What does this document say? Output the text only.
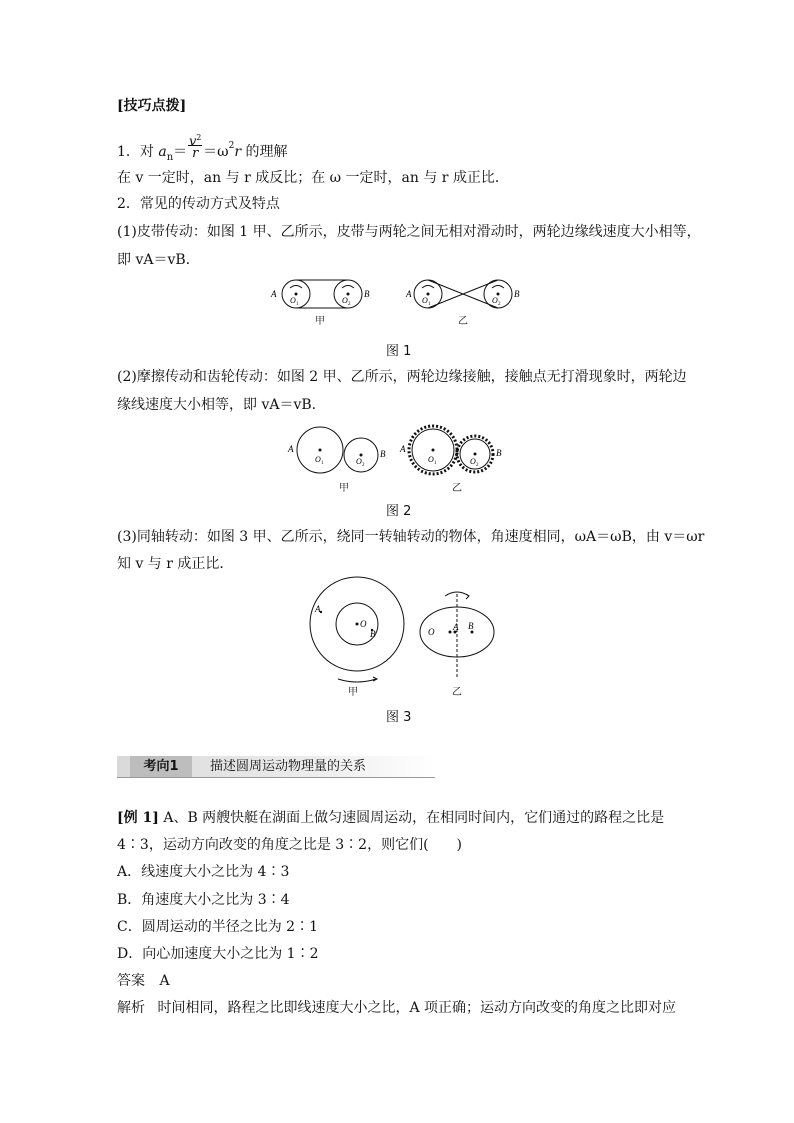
[技巧点拨]
1．对 $a_n= \frac{v^2}{r} =\omega^2r$ 的理解
在 v 一定时，an 与 r 成反比；在 ω 一定时，an 与 r 成正比．
2．常见的传动方式及特点
(1)皮带传动：如图 1 甲、乙所示，皮带与两轮之间无相对滑动时，两轮边缘线速度大小相等，
即 vA＝vB.
A	B
O 1	O 2
A	B
O 1	O 2
甲	乙
图 1
(2)摩擦传动和齿轮传动：如图 2 甲、乙所示，两轮边缘接触，接触点无打滑现象时，两轮边
缘线速度大小相等，即 vA＝vB.
A	B
O 1	O 2
A	B
O 1	O 2
甲	乙
图 2
(3)同轴转动：如图 3 甲、乙所示，绕同一转轴转动的物体，角速度相同，ωA＝ωB，由 v＝ωr
知 v 与 r 成正比．
O
A
B	O A B
甲	乙
图 3
考向1	描述圆周运动物理量的关系
[例 1] A、B 两艘快艇在湖面上做匀速圆周运动，在相同时间内，它们通过的路程之比是
4∶3，运动方向改变的角度之比是 3∶2，则它们(　　)
A．线速度大小之比为 4∶3
B．角速度大小之比为 3∶4
C．圆周运动的半径之比为 2∶1
D．向心加速度大小之比为 1∶2
答案 A
解析 时间相同，路程之比即线速度大小之比，A 项正确；运动方向改变的角度之比即对应
